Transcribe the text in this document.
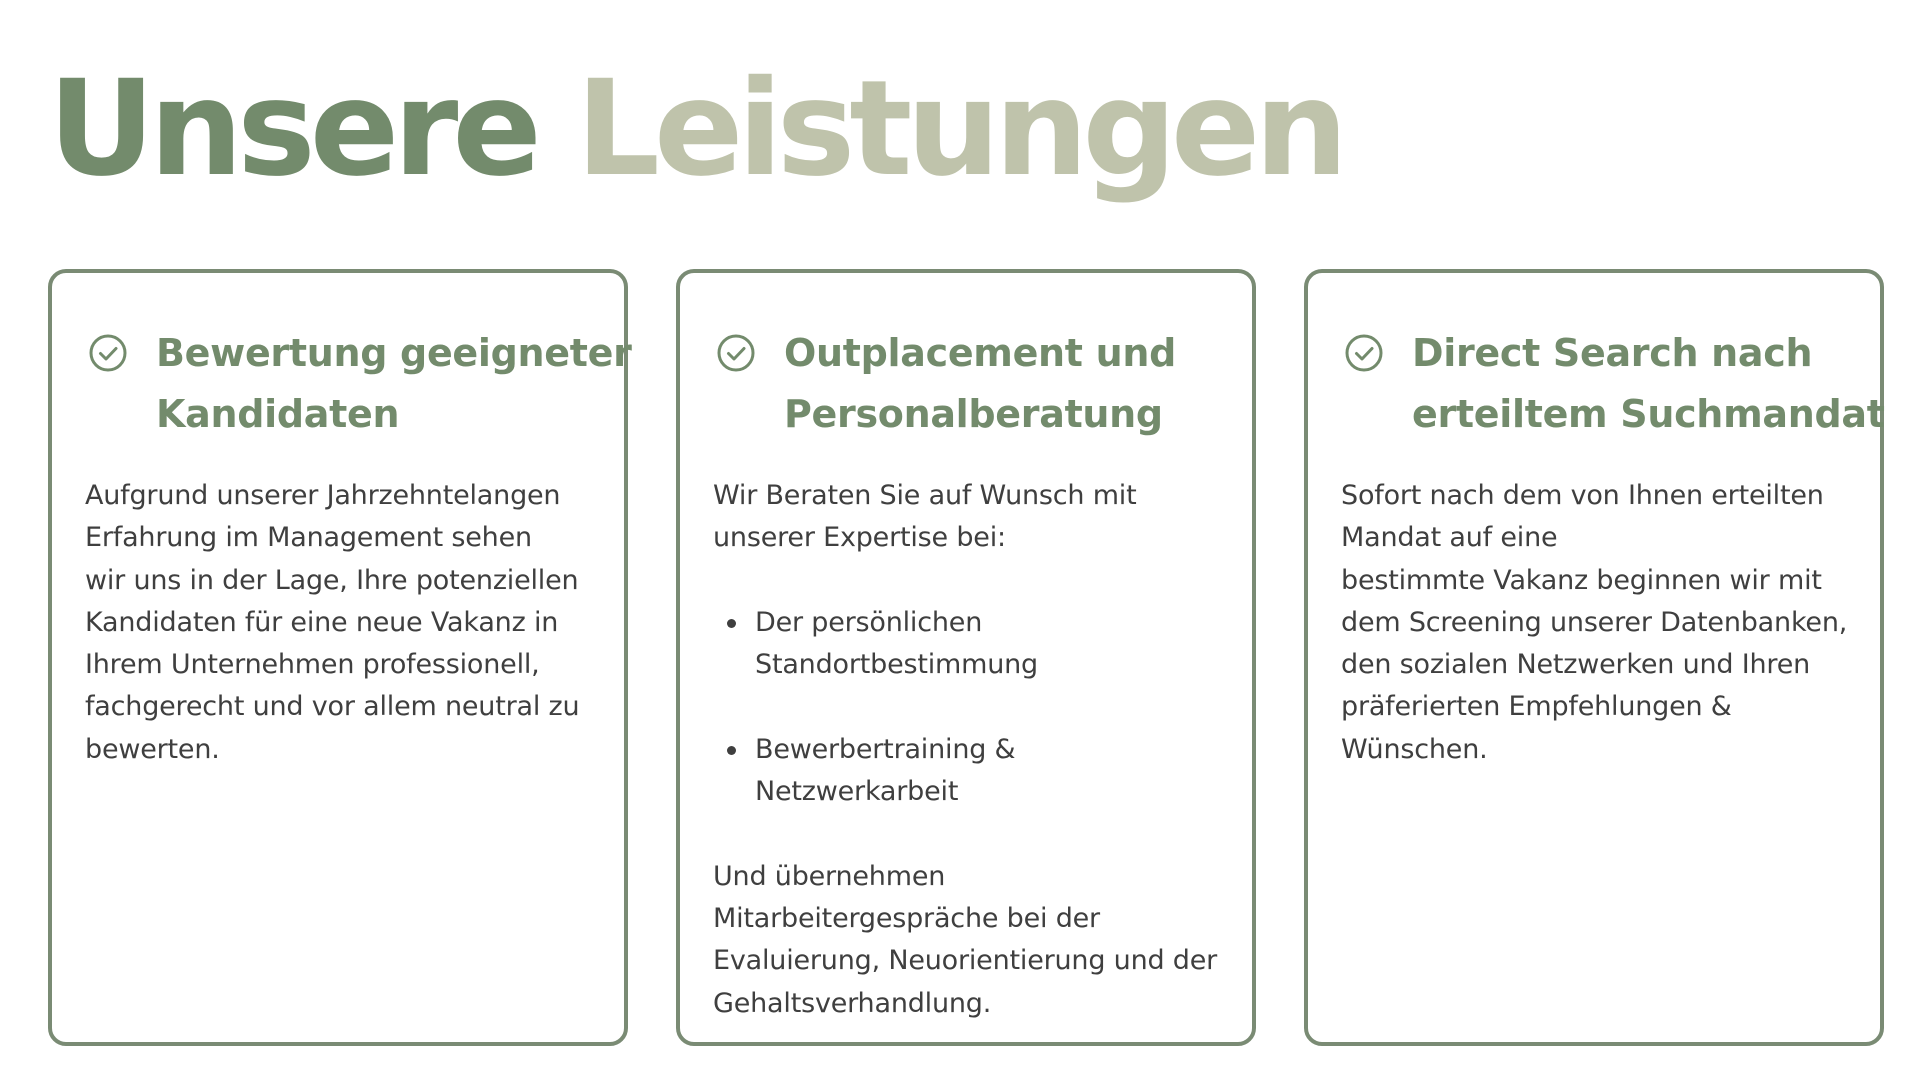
Unsere Leistungen
Bewertung geeigneter
Kandidaten
Aufgrund unserer Jahrzehntelangen
Erfahrung im Management sehen
wir uns in der Lage, Ihre potenziellen
Kandidaten für eine neue Vakanz in
Ihrem Unternehmen professionell,
fachgerecht und vor allem neutral zu
bewerten.
Outplacement und
Personalberatung
Wir Beraten Sie auf Wunsch mit
unserer Expertise bei:
Der persönlichen
Standortbestimmung
Bewerbertraining &
Netzwerkarbeit
Und übernehmen
Mitarbeitergespräche bei der
Evaluierung, Neuorientierung und der
Gehaltsverhandlung.
Direct Search nach
erteiltem Suchmandat
Sofort nach dem von Ihnen erteilten
Mandat auf eine
bestimmte Vakanz beginnen wir mit
dem Screening unserer Datenbanken,
den sozialen Netzwerken und Ihren
präferierten Empfehlungen &
Wünschen.
